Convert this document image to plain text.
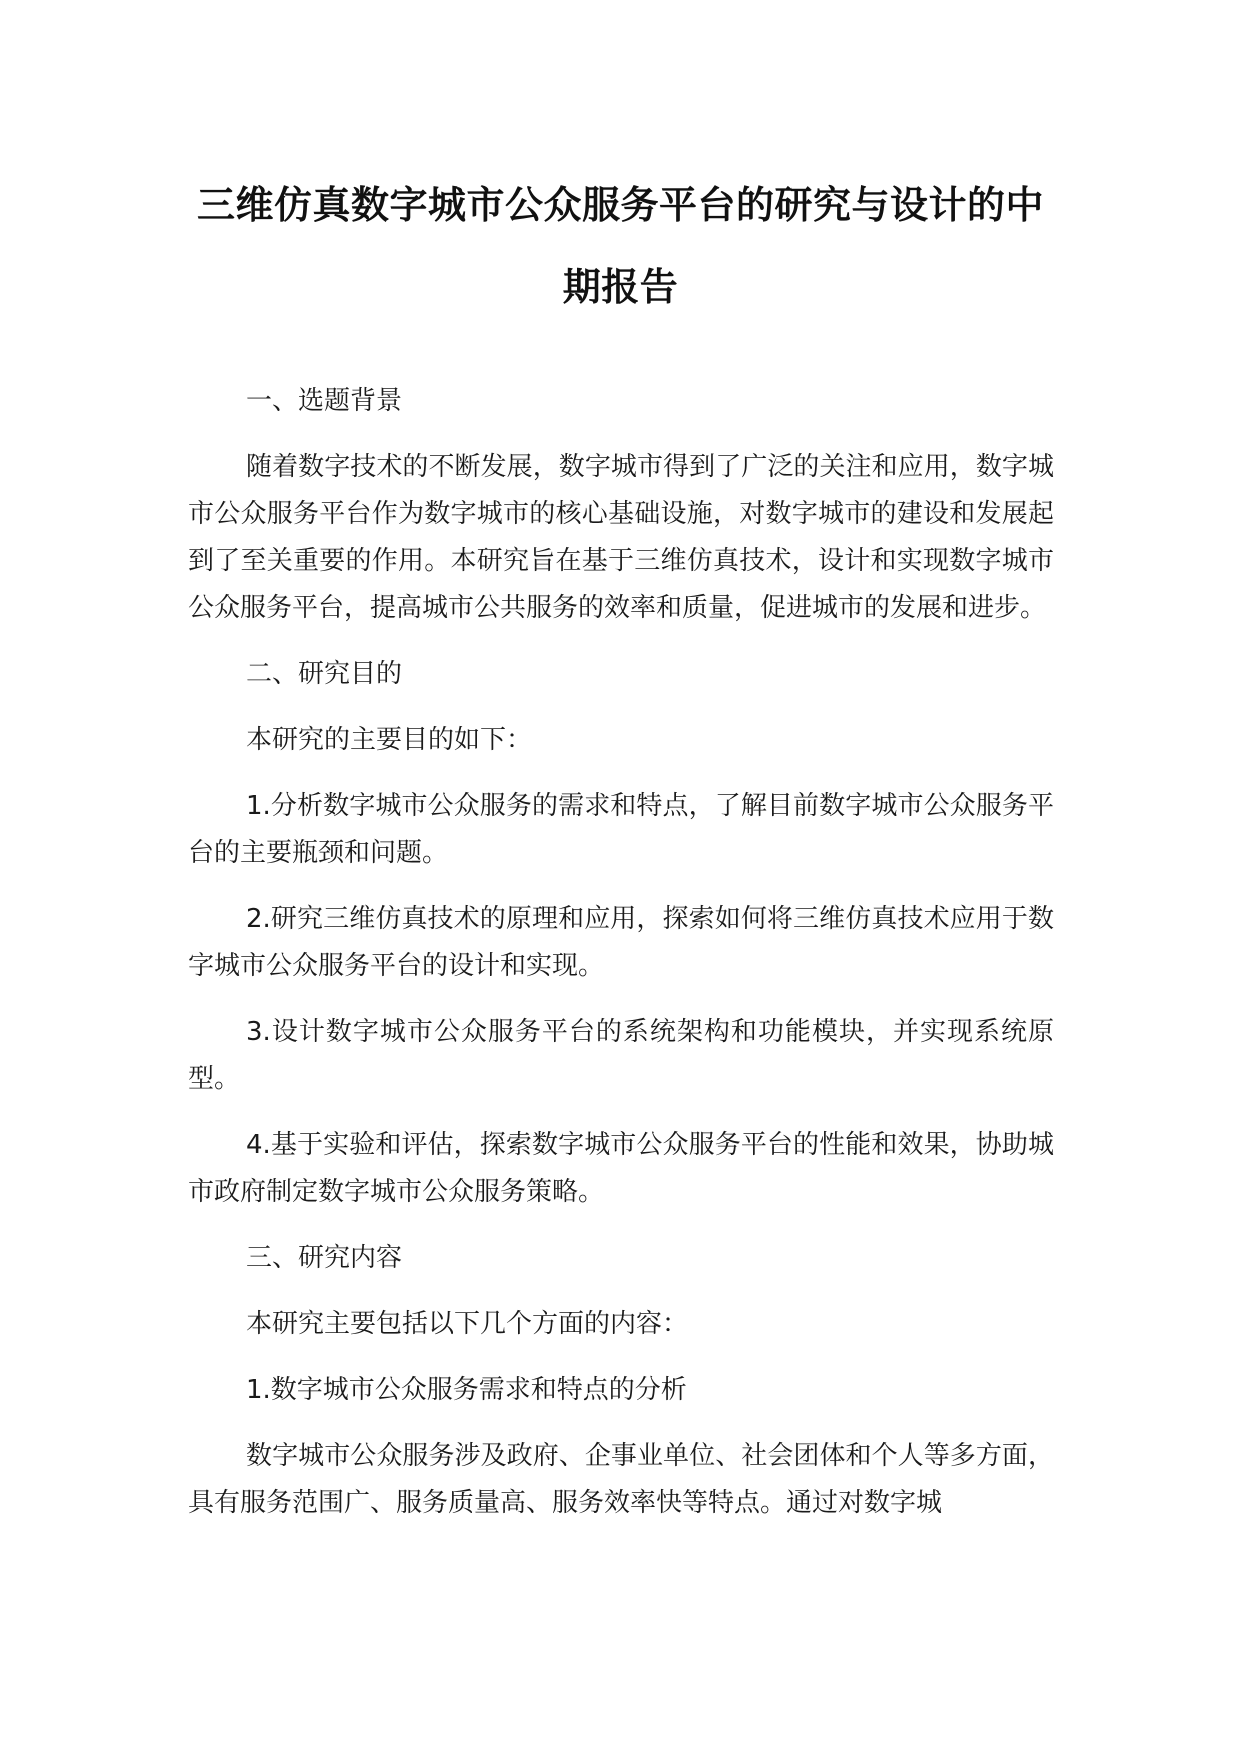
三维仿真数字城市公众服务平台的研究与设计的中
期报告

一、选题背景

随着数字技术的不断发展，数字城市得到了广泛的关注和应用，数字城市公众服务平台作为数字城市的核心基础设施，对数字城市的建设和发展起到了至关重要的作用。本研究旨在基于三维仿真技术，设计和实现数字城市公众服务平台，提高城市公共服务的效率和质量，促进城市的发展和进步。

二、研究目的

本研究的主要目的如下：

1.分析数字城市公众服务的需求和特点，了解目前数字城市公众服务平台的主要瓶颈和问题。

2.研究三维仿真技术的原理和应用，探索如何将三维仿真技术应用于数字城市公众服务平台的设计和实现。

3.设计数字城市公众服务平台的系统架构和功能模块，并实现系统原型。

4.基于实验和评估，探索数字城市公众服务平台的性能和效果，协助城市政府制定数字城市公众服务策略。

三、研究内容

本研究主要包括以下几个方面的内容：

1.数字城市公众服务需求和特点的分析

数字城市公众服务涉及政府、企事业单位、社会团体和个人等多方面，具有服务范围广、服务质量高、服务效率快等特点。通过对数字城
